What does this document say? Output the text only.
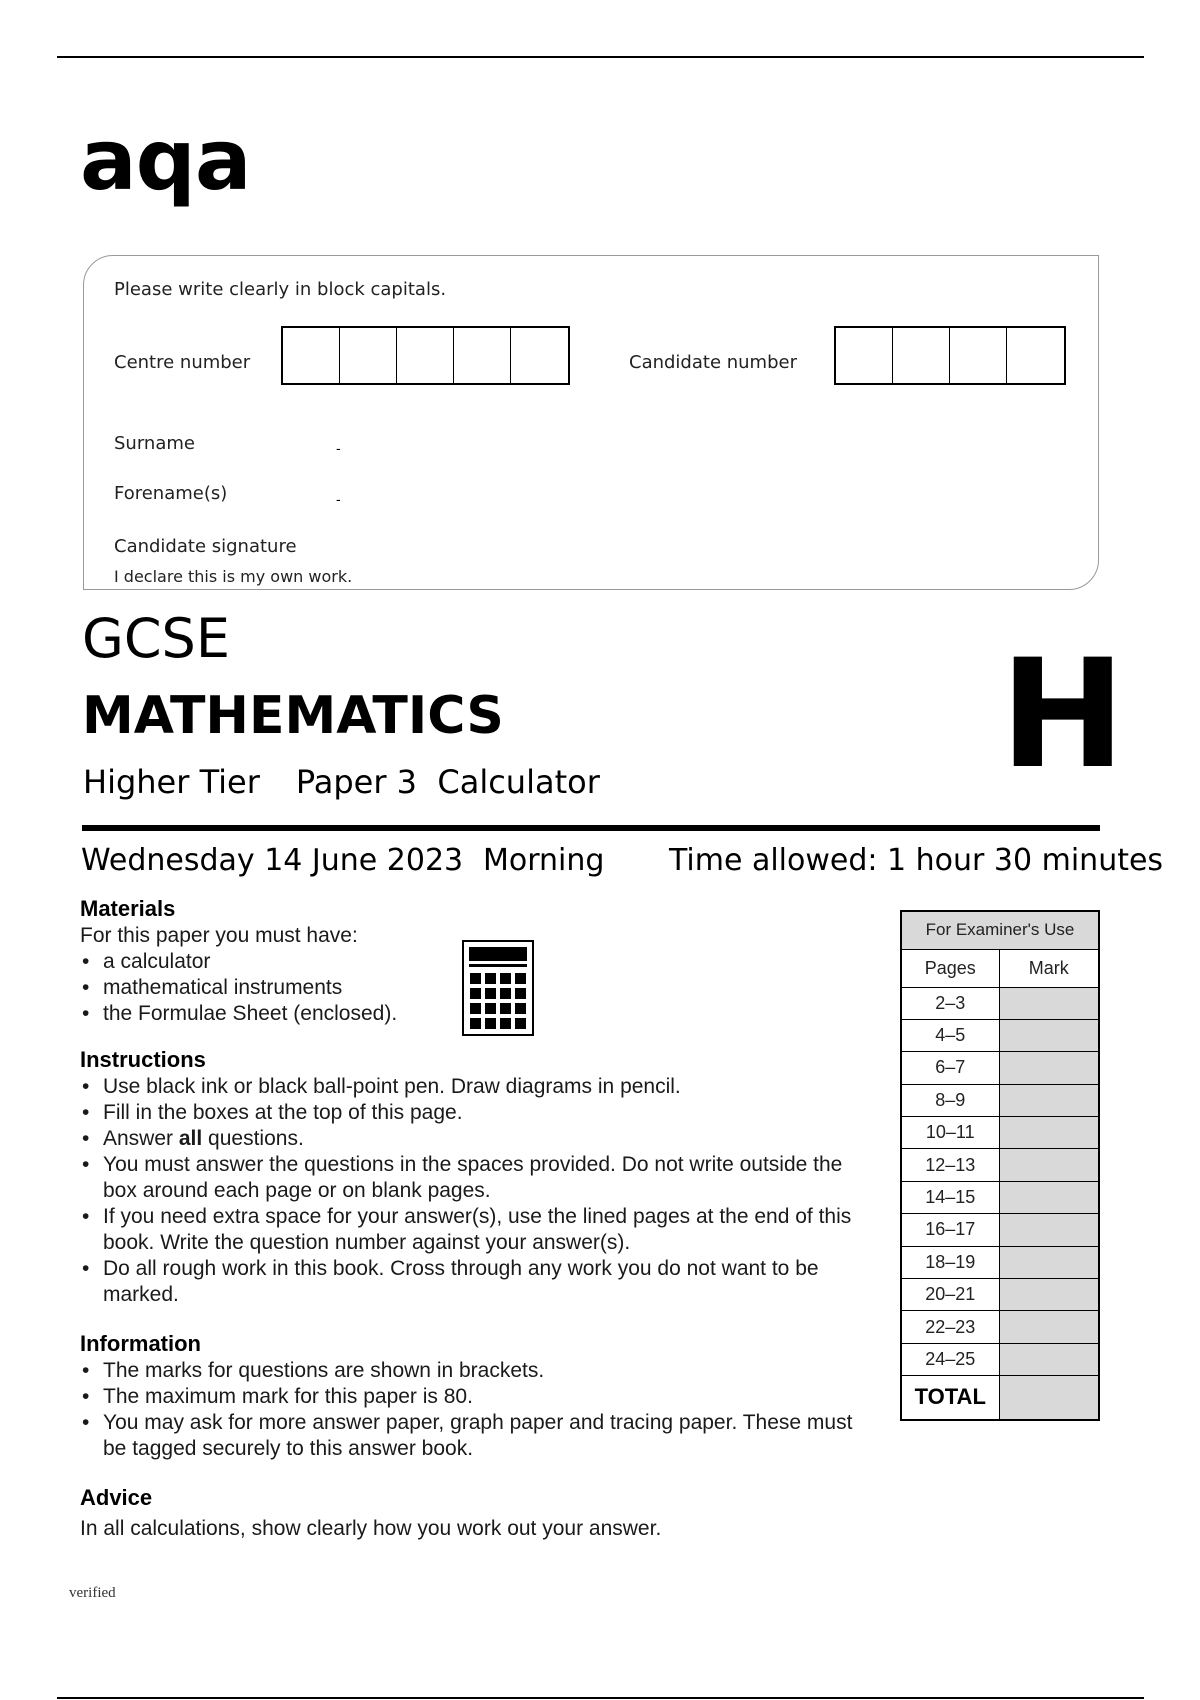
aqa
Please write clearly in block capitals.
Centre number	Candidate number
Surname	-
Forename(s)	-
Candidate signature
I declare this is my own work.
GCSE
MATHEMATICS
Higher Tier Paper 3  Calculator	H
Wednesday 14 June 2023 Morning Time allowed: 1 hour 30 minutes
Materials
For this paper you must have:
• a calculator
• mathematical instruments
• the Formulae Sheet (enclosed).
Instructions
• Use black ink or black ball-point pen. Draw diagrams in pencil.
• Fill in the boxes at the top of this page.
• Answer all questions.
• You must answer the questions in the spaces provided. Do not write outside the box around each page or on blank pages.
• If you need extra space for your answer(s), use the lined pages at the end of this book. Write the question number against your answer(s).
• Do all rough work in this book. Cross through any work you do not want to be marked.
Information
• The marks for questions are shown in brackets.
• The maximum mark for this paper is 80.
• You may ask for more answer paper, graph paper and tracing paper. These must be tagged securely to this answer book.
Advice
In all calculations, show clearly how you work out your answer.
For Examiner's Use	
Pages	Mark
2–3	
4–5	
6–7	
8–9	
10–11	
12–13	
14–15	
16–17	
18–19	
20–21	
22–23	
24–25	
TOTAL	
verified
